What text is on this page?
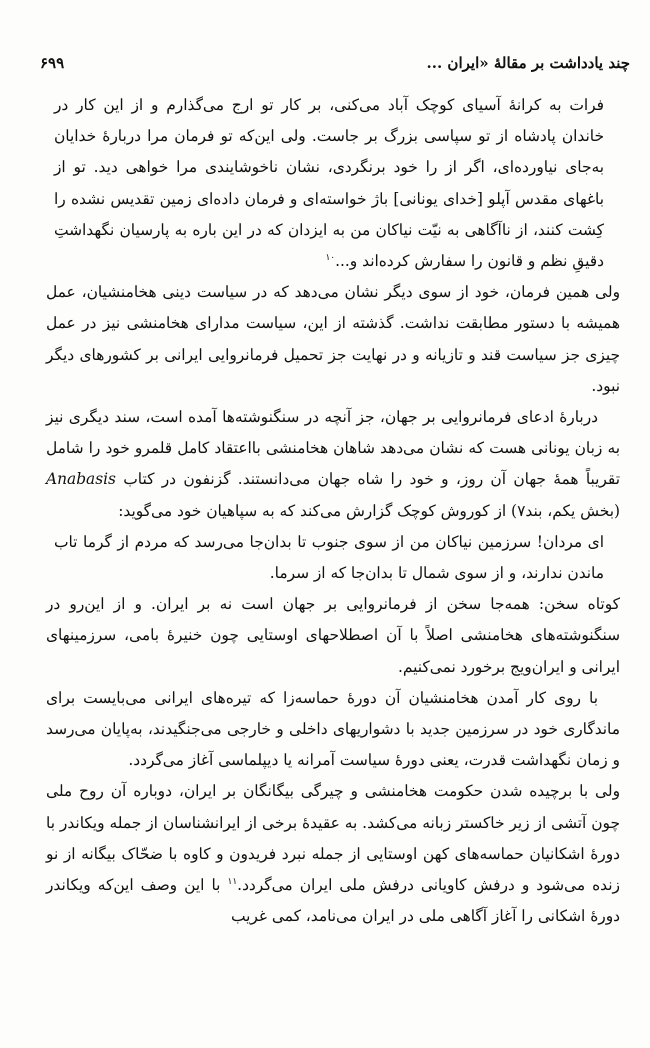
چند یادداشت بر مقالهٔ «ایران ...
۶۹۹

فرات به کرانهٔ آسیای کوچک آباد می‌کنی، بر کار تو ارج می‌گذارم و از این کار در خاندان پادشاه از تو سپاسی بزرگ بر جاست. ولی این‌که تو فرمان مرا دربارهٔ خدایان به‌جای نیاورده‌ای، اگر از را خود برنگردی، نشان ناخوشایندی مرا خواهی دید. تو از باغهای مقدس آپلو [خدای یونانی] باژ خواسته‌ای و فرمان داده‌ای زمین تقدیس نشده را کِشت کنند، از ناآگاهی به نیّت نیاکان من به ایزدان که در این باره به پارسیان نگهداشتِ دقیقِ نظم و قانون را سفارش کرده‌اند و...$^{۱۰}$

ولی همین فرمان، خود از سوی دیگر نشان می‌دهد که در سیاست دینی هخامنشیان، عمل همیشه با دستور مطابقت نداشت. گذشته از این، سیاست مدارای هخامنشی نیز در عمل چیزی جز سیاست قند و تازیانه و در نهایت جز تحمیل فرمانروایی ایرانی بر کشورهای دیگر نبود.

دربارهٔ ادعای فرمانروایی بر جهان، جز آنچه در سنگنوشته‌ها آمده است، سند دیگری نیز به زبان یونانی هست که نشان می‌دهد شاهان هخامنشی بااعتقاد کامل قلمرو خود را شامل تقریباً همهٔ جهان آن روز، و خود را شاه جهان می‌دانستند. گزنفون در کتاب Anabasis (بخش یکم، بند۷) از کوروش کوچک گزارش می‌کند که به سپاهیان خود می‌گوید:

ای مردان! سرزمین نیاکان من از سوی جنوب تا بدان‌جا می‌رسد که مردم از گرما تاب ماندن ندارند، و از سوی شمال تا بدان‌جا که از سرما.

کوتاه سخن: همه‌جا سخن از فرمانروایی بر جهان است نه بر ایران. و از این‌رو در سنگنوشته‌های هخامنشی اصلاً با آن اصطلاحهای اوستایی چون خنیرهٔ بامی، سرزمینهای ایرانی و ایران‌ویج برخورد نمی‌کنیم.

با روی کار آمدن هخامنشیان آن دورهٔ حماسه‌زا که تیره‌های ایرانی می‌بایست برای ماندگاری خود در سرزمین جدید با دشواریهای داخلی و خارجی می‌جنگیدند، به‌پایان می‌رسد و زمان نگهداشت قدرت، یعنی دورهٔ سیاست آمرانه یا دیپلماسی آغاز می‌گردد.

ولی با برچیده شدن حکومت هخامنشی و چیرگی بیگانگان بر ایران، دوباره آن روح ملی چون آتشی از زیر خاکستر زبانه می‌کشد. به عقیدهٔ برخی از ایرانشناسان از جمله ویکاندر با دورهٔ اشکانیان حماسه‌های کهن اوستایی از جمله نبرد فریدون و کاوه با ضحّاک بیگانه از نو زنده می‌شود و درفش کاویانی درفش ملی ایران می‌گردد.$^{۱۱}$ با این وصف این‌که ویکاندر دورهٔ اشکانی را آغاز آگاهی ملی در ایران می‌نامد، کمی غریب
